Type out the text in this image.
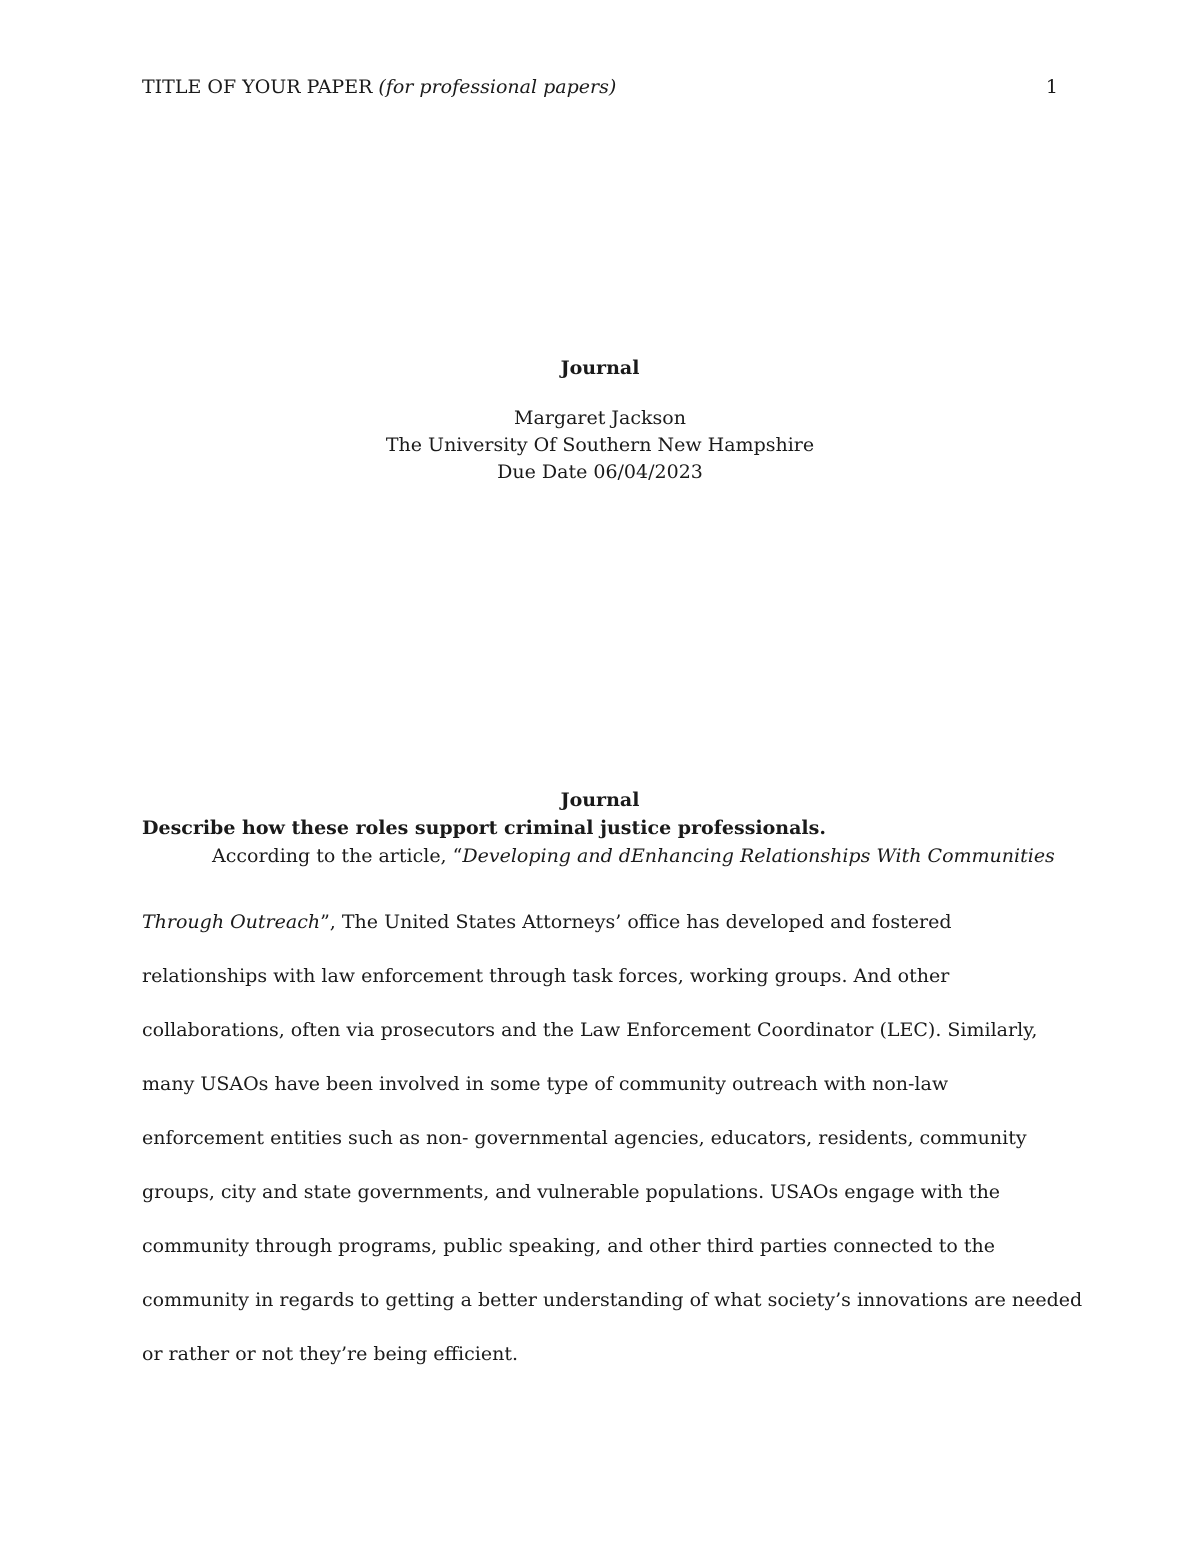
TITLE OF YOUR PAPER (for professional papers)	1
Journal
Margaret Jackson
The University Of Southern New Hampshire
Due Date 06/04/2023
Journal
Describe how these roles support criminal justice professionals.
According to the article, “Developing and dEnhancing Relationships With Communities
Through Outreach”, The United States Attorneys’ office has developed and fostered
relationships with law enforcement through task forces, working groups. And other
collaborations, often via prosecutors and the Law Enforcement Coordinator (LEC). Similarly,
many USAOs have been involved in some type of community outreach with non-law
enforcement entities such as non- governmental agencies, educators, residents, community
groups, city and state governments, and vulnerable populations. USAOs engage with the
community through programs, public speaking, and other third parties connected to the
community in regards to getting a better understanding of what society’s innovations are needed
or rather or not they’re being efficient.
